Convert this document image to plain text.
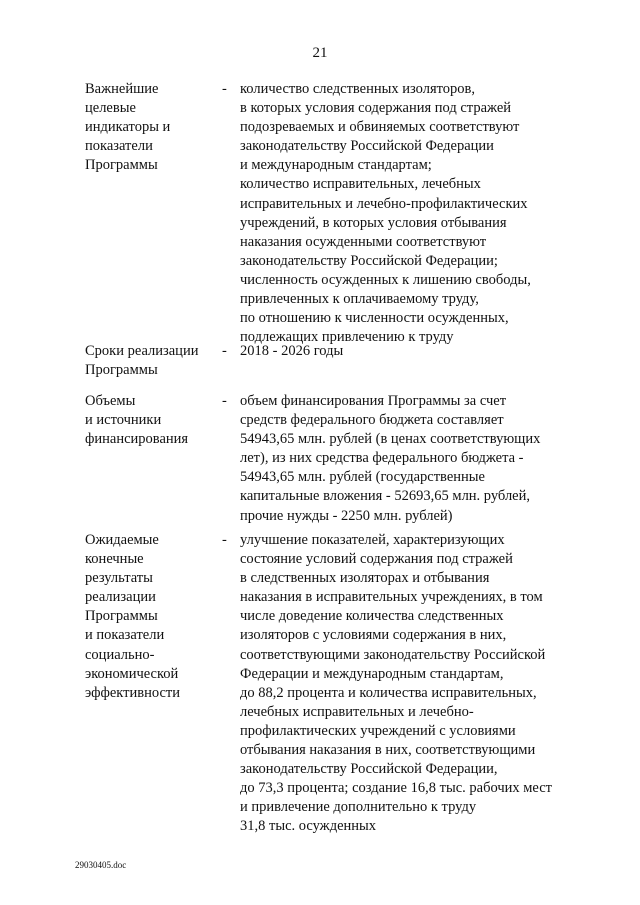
21
Важнейшие
целевые
индикаторы и
показатели
Программы
- количество следственных изоляторов,
в которых условия содержания под стражей
подозреваемых и обвиняемых соответствуют
законодательству Российской Федерации
и международным стандартам;
количество исправительных, лечебных
исправительных и лечебно-профилактических
учреждений, в которых условия отбывания
наказания осужденными соответствуют
законодательству Российской Федерации;
численность осужденных к лишению свободы,
привлеченных к оплачиваемому труду,
по отношению к численности осужденных,
подлежащих привлечению к труду
Сроки реализации
Программы
- 2018 - 2026 годы
Объемы
и источники
финансирования
- объем финансирования Программы за счет
средств федерального бюджета составляет
54943,65 млн. рублей (в ценах соответствующих
лет), из них средства федерального бюджета -
54943,65 млн. рублей (государственные
капитальные вложения - 52693,65 млн. рублей,
прочие нужды - 2250 млн. рублей)
Ожидаемые
конечные
результаты
реализации
Программы
и показатели
социально-
экономической
эффективности
- улучшение показателей, характеризующих
состояние условий содержания под стражей
в следственных изоляторах и отбывания
наказания в исправительных учреждениях, в том
числе доведение количества следственных
изоляторов с условиями содержания в них,
соответствующими законодательству Российской
Федерации и международным стандартам,
до 88,2 процента и количества исправительных,
лечебных исправительных и лечебно-
профилактических учреждений с условиями
отбывания наказания в них, соответствующими
законодательству Российской Федерации,
до 73,3 процента; создание 16,8 тыс. рабочих мест
и привлечение дополнительно к труду
31,8 тыс. осужденных
29030405.doc
